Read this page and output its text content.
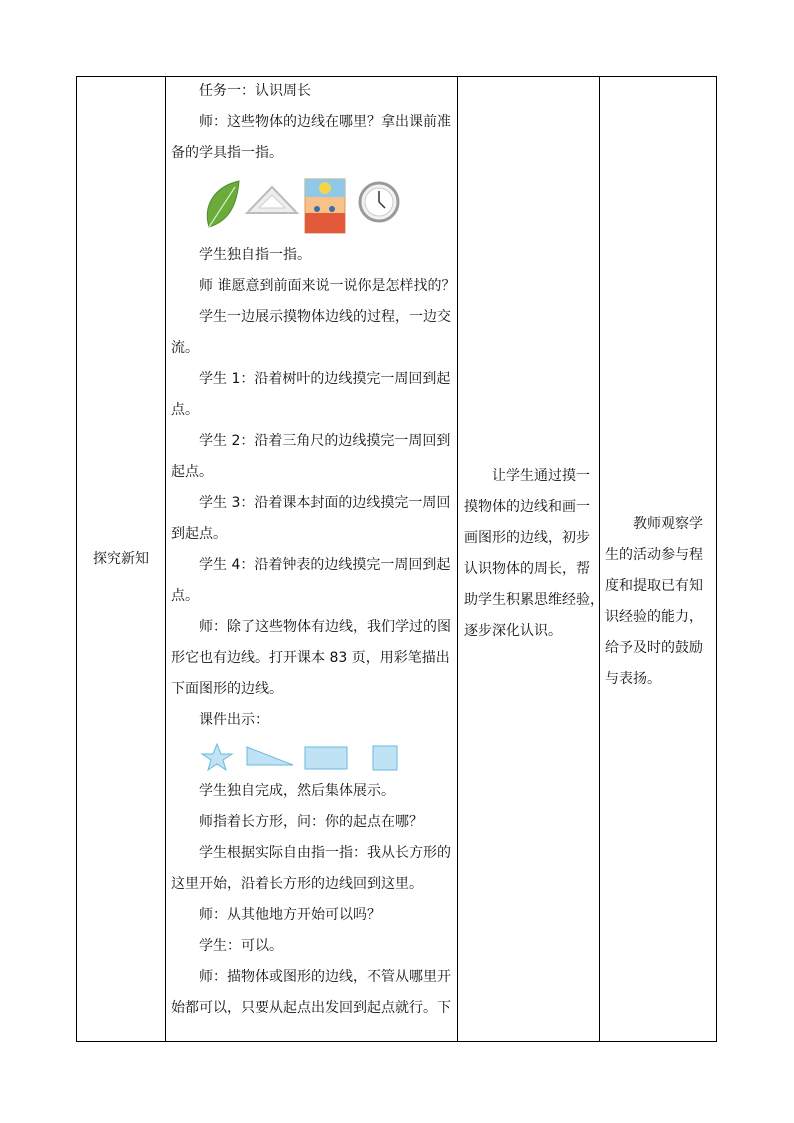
探究新知
任务一：认识周长
师：这些物体的边线在哪里？拿出课前准
备的学具指一指。
学生独自指一指。
师 谁愿意到前面来说一说你是怎样找的？
学生一边展示摸物体边线的过程，一边交
流。
学生 1：沿着树叶的边线摸完一周回到起
点。
学生 2：沿着三角尺的边线摸完一周回到
起点。
学生 3：沿着课本封面的边线摸完一周回
到起点。
学生 4：沿着钟表的边线摸完一周回到起
点。
师：除了这些物体有边线，我们学过的图
形它也有边线。打开课本 83 页，用彩笔描出
下面图形的边线。
课件出示：
学生独自完成，然后集体展示。
师指着长方形，问：你的起点在哪？
学生根据实际自由指一指：我从长方形的
这里开始，沿着长方形的边线回到这里。
师：从其他地方开始可以吗？
学生：可以。
师：描物体或图形的边线，不管从哪里开
始都可以，只要从起点出发回到起点就行。下
　　让学生通过摸一
摸物体的边线和画一
画图形的边线，初步
认识物体的周长，帮
助学生积累思维经验，
逐步深化认识。
　　教师观察学
生的活动参与程
度和提取已有知
识经验的能力，
给予及时的鼓励
与表扬。
